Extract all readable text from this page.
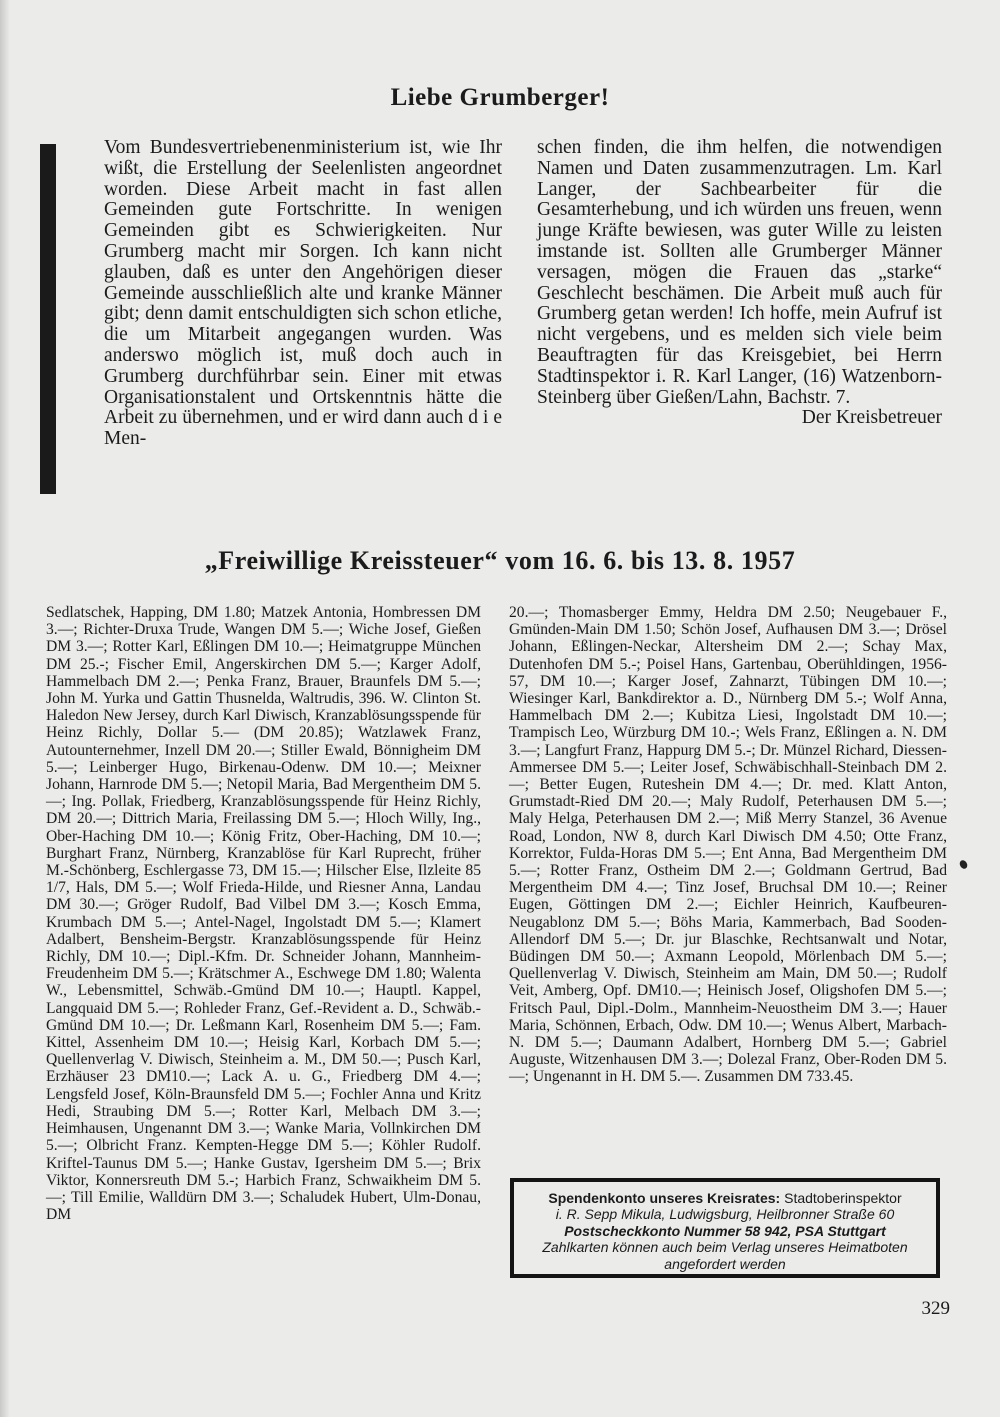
Liebe Grumberger!

Vom Bundesvertriebenenministerium ist, wie Ihr wißt, die Erstellung der Seelenlisten angeordnet worden. Diese Arbeit macht in fast allen Gemeinden gute Fortschritte. In wenigen Gemeinden gibt es Schwierigkeiten. Nur Grumberg macht mir Sorgen. Ich kann nicht glauben, daß es unter den Angehörigen dieser Gemeinde ausschließlich alte und kranke Männer gibt; denn damit entschuldigten sich schon etliche, die um Mitarbeit angegangen wurden. Was anderswo möglich ist, muß doch auch in Grumberg durchführbar sein. Einer mit etwas Organisationstalent und Ortskenntnis hätte die Arbeit zu übernehmen, und er wird dann auch d i e Men-

schen finden, die ihm helfen, die notwendigen Namen und Daten zusammenzutragen. Lm. Karl Langer, der Sachbearbeiter für die Gesamterhebung, und ich würden uns freuen, wenn junge Kräfte bewiesen, was guter Wille zu leisten imstande ist. Sollten alle Grumberger Männer versagen, mögen die Frauen das „starke“ Geschlecht beschämen. Die Arbeit muß auch für Grumberg getan werden! Ich hoffe, mein Aufruf ist nicht vergebens, und es melden sich viele beim Beauftragten für das Kreisgebiet, bei Herrn Stadtinspektor i. R. Karl Langer, (16) Watzenborn-Steinberg über Gießen/Lahn, Bachstr. 7.

Der Kreisbetreuer
„Freiwillige Kreissteuer“ vom 16. 6. bis 13. 8. 1957

Sedlatschek, Happing, DM 1.80; Matzek Antonia, Hombressen DM 3.—; Richter-Druxa Trude, Wangen DM 5.—; Wiche Josef, Gießen DM 3.—; Rotter Karl, Eßlingen DM 10.—; Heimatgruppe München DM 25.-; Fischer Emil, Angerskirchen DM 5.—; Karger Adolf, Hammelbach DM 2.—; Penka Franz, Brauer, Braunfels DM 5.—; John M. Yurka und Gattin Thusnelda, Waltrudis, 396. W. Clinton St. Haledon New Jersey, durch Karl Diwisch, Kranzablösungsspende für Heinz Richly, Dollar 5.— (DM 20.85); Watzlawek Franz, Autounternehmer, Inzell DM 20.—; Stiller Ewald, Bönnigheim DM 5.—; Leinberger Hugo, Birkenau-Odenw. DM 10.—; Meixner Johann, Harnrode DM 5.—; Netopil Maria, Bad Mergentheim DM 5.—; Ing. Pollak, Friedberg, Kranzablösungsspende für Heinz Richly, DM 20.—; Dittrich Maria, Freilassing DM 5.—; Hloch Willy, Ing., Ober-Haching DM 10.—; König Fritz, Ober-Haching, DM 10.—; Burghart Franz, Nürnberg, Kranzablöse für Karl Ruprecht, früher M.-Schönberg, Eschlergasse 73, DM 15.—; Hilscher Else, Ilzleite 85 1/7, Hals, DM 5.—; Wolf Frieda-Hilde, und Riesner Anna, Landau DM 30.—; Gröger Rudolf, Bad Vilbel DM 3.—; Kosch Emma, Krumbach DM 5.—; Antel-Nagel, Ingolstadt DM 5.—; Klamert Adalbert, Bensheim-Bergstr. Kranzablösungsspende für Heinz Richly, DM 10.—; Dipl.-Kfm. Dr. Schneider Johann, Mannheim-Freudenheim DM 5.—; Krätschmer A., Eschwege DM 1.80; Walenta W., Lebensmittel, Schwäb.-Gmünd DM 10.—; Hauptl. Kappel, Langquaid DM 5.—; Rohleder Franz, Gef.-Revident a. D., Schwäb.-Gmünd DM 10.—; Dr. Leßmann Karl, Rosenheim DM 5.—; Fam. Kittel, Assenheim DM 10.—; Heisig Karl, Korbach DM 5.—; Quellenverlag V. Diwisch, Steinheim a. M., DM 50.—; Pusch Karl, Erzhäuser 23 DM10.—; Lack A. u. G., Friedberg DM 4.—; Lengsfeld Josef, Köln-Braunsfeld DM 5.—; Fochler Anna und Kritz Hedi, Straubing DM 5.—; Rotter Karl, Melbach DM 3.—; Heimhausen, Ungenannt DM 3.—; Wanke Maria, Vollnkirchen DM 5.—; Olbricht Franz. Kempten-Hegge DM 5.—; Köhler Rudolf. Kriftel-Taunus DM 5.—; Hanke Gustav, Igersheim DM 5.—; Brix Viktor, Konnersreuth DM 5.-; Harbich Franz, Schwaikheim DM 5.—; Till Emilie, Walldürn DM 3.—; Schaludek Hubert, Ulm-Donau, DM

20.—; Thomasberger Emmy, Heldra DM 2.50; Neugebauer F., Gmünden-Main DM 1.50; Schön Josef, Aufhausen DM 3.—; Drösel Johann, Eßlingen-Neckar, Altersheim DM 2.—; Schay Max, Dutenhofen DM 5.-; Poisel Hans, Gartenbau, Oberühldingen, 1956-57, DM 10.—; Karger Josef, Zahnarzt, Tübingen DM 10.—; Wiesinger Karl, Bankdirektor a. D., Nürnberg DM 5.-; Wolf Anna, Hammelbach DM 2.—; Kubitza Liesi, Ingolstadt DM 10.—; Trampisch Leo, Würzburg DM 10.-; Wels Franz, Eßlingen a. N. DM 3.—; Langfurt Franz, Happurg DM 5.-; Dr. Münzel Richard, Diessen-Ammersee DM 5.—; Leiter Josef, Schwäbischhall-Steinbach DM 2.—; Better Eugen, Ruteshein DM 4.—; Dr. med. Klatt Anton, Grumstadt-Ried DM 20.—; Maly Rudolf, Peterhausen DM 5.—; Maly Helga, Peterhausen DM 2.—; Miß Merry Stanzel, 36 Avenue Road, London, NW 8, durch Karl Diwisch DM 4.50; Otte Franz, Korrektor, Fulda-Horas DM 5.—; Ent Anna, Bad Mergentheim DM 5.—; Rotter Franz, Ostheim DM 2.—; Goldmann Gertrud, Bad Mergentheim DM 4.—; Tinz Josef, Bruchsal DM 10.—; Reiner Eugen, Göttingen DM 2.—; Eichler Heinrich, Kaufbeuren-Neugablonz DM 5.—; Böhs Maria, Kammerbach, Bad Sooden-Allendorf DM 5.—; Dr. jur Blaschke, Rechtsanwalt und Notar, Büdingen DM 50.—; Axmann Leopold, Mörlenbach DM 5.—; Quellenverlag V. Diwisch, Steinheim am Main, DM 50.—; Rudolf Veit, Amberg, Opf. DM10.—; Heinisch Josef, Oligshofen DM 5.—; Fritsch Paul, Dipl.-Dolm., Mannheim-Neuostheim DM 3.—; Hauer Maria, Schönnen, Erbach, Odw. DM 10.—; Wenus Albert, Marbach-N. DM 5.—; Daumann Adalbert, Hornberg DM 5.—; Gabriel Auguste, Witzenhausen DM 3.—; Dolezal Franz, Ober-Roden DM 5.—; Ungenannt in H. DM 5.—. Zusammen DM 733.45.

Spendenkonto unseres Kreisrates: Stadtoberinspektor
i. R. Sepp Mikula, Ludwigsburg, Heilbronner Straße 60
Postscheckkonto Nummer 58 942, PSA Stuttgart
Zahlkarten können auch beim Verlag unseres Heimatboten angefordert werden
329
